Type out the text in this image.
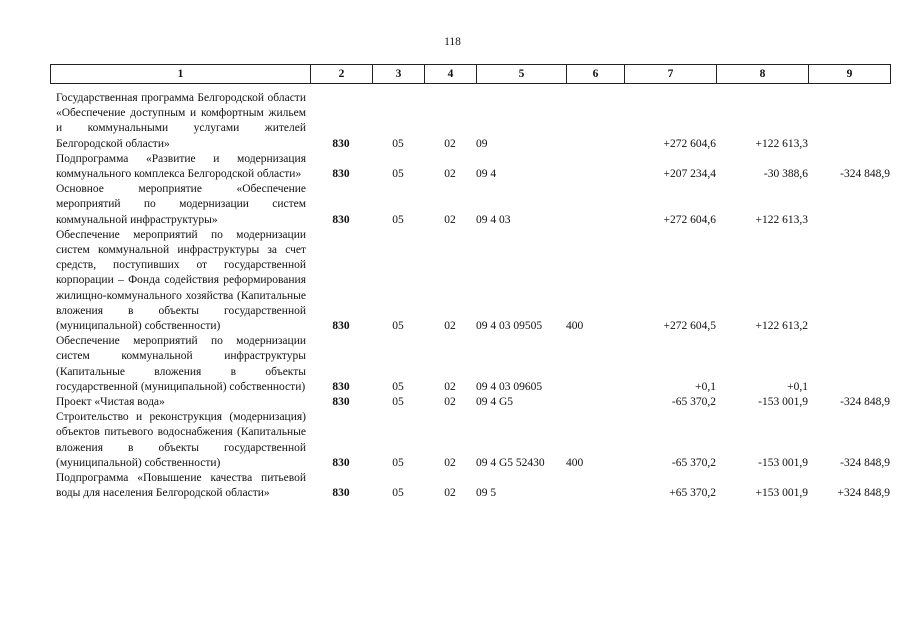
118
1	2	3	4	5	6	7	8	9
Государственная программа Белгородской области «Обеспечение доступным и комфортным жильем и коммунальными услугами жителей Белгородской области»	830	05	02	09		+272 604,6	+122 613,3	
Подпрограмма «Развитие и модернизация коммунального комплекса Белгородской области»	830	05	02	09 4		+207 234,4	-30 388,6	-324 848,9
Основное мероприятие «Обеспечение мероприятий по модернизации систем коммунальной инфраструктуры»	830	05	02	09 4 03		+272 604,6	+122 613,3	
Обеспечение мероприятий по модернизации систем коммунальной инфраструктуры за счет средств, поступивших от государственной корпорации – Фонда содействия реформирования жилищно-коммунального хозяйства (Капитальные вложения в объекты государственной (муниципальной) собственности)	830	05	02	09 4 03 09505	400	+272 604,5	+122 613,2	
Обеспечение мероприятий по модернизации систем коммунальной инфраструктуры (Капитальные вложения в объекты государственной (муниципальной) собственности)	830	05	02	09 4 03 09605		+0,1	+0,1	
Проект «Чистая вода»	830	05	02	09 4 G5		-65 370,2	-153 001,9	-324 848,9
Строительство и реконструкция (модернизация) объектов питьевого водоснабжения (Капитальные вложения в объекты государственной (муниципальной) собственности)	830	05	02	09 4 G5 52430	400	-65 370,2	-153 001,9	-324 848,9
Подпрограмма «Повышение качества питьевой воды для населения Белгородской области»	830	05	02	09 5		+65 370,2	+153 001,9	+324 848,9
